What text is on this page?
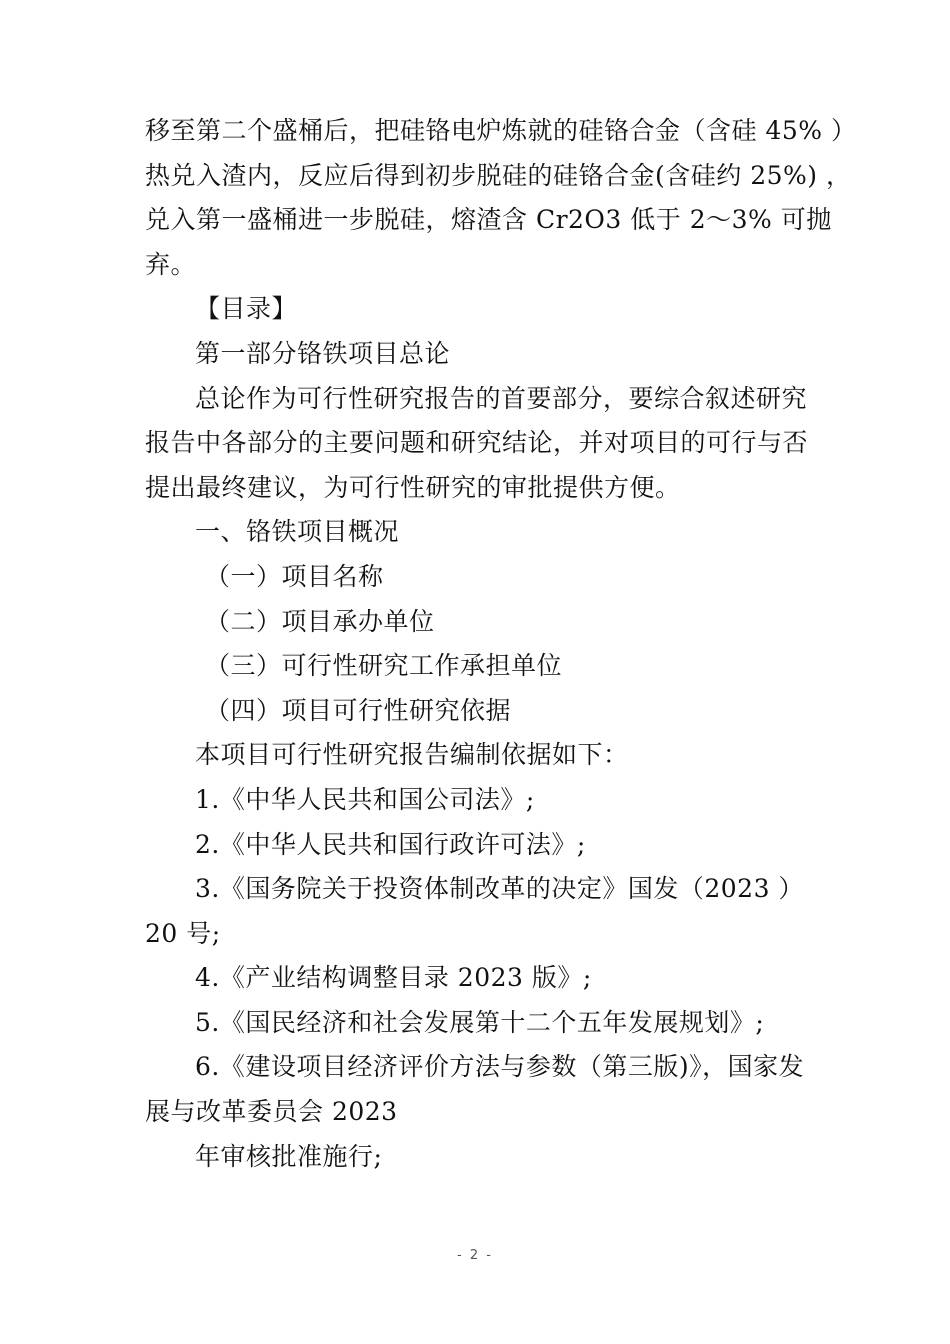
移至第二个盛桶后，把硅铬电炉炼就的硅铬合金（含硅 45% ）
热兑入渣内，反应后得到初步脱硅的硅铬合金(含硅约 25%) ，
兑入第一盛桶进一步脱硅，熔渣含 Cr2O3 低于 2～3% 可抛
弃。
【目录】
第一部分铬铁项目总论
总论作为可行性研究报告的首要部分，要综合叙述研究
报告中各部分的主要问题和研究结论，并对项目的可行与否
提出最终建议，为可行性研究的审批提供方便。
一、铬铁项目概况
（一）项目名称
（二）项目承办单位
（三）可行性研究工作承担单位
（四）项目可行性研究依据
本项目可行性研究报告编制依据如下：
1.《中华人民共和国公司法》;
2.《中华人民共和国行政许可法》;
3.《国务院关于投资体制改革的决定》国发（2023 ）
20 号;
4.《产业结构调整目录 2023 版》;
5.《国民经济和社会发展第十二个五年发展规划》;
6.《建设项目经济评价方法与参数（第三版)》，国家发
展与改革委员会 2023
年审核批准施行;
- 2 -
